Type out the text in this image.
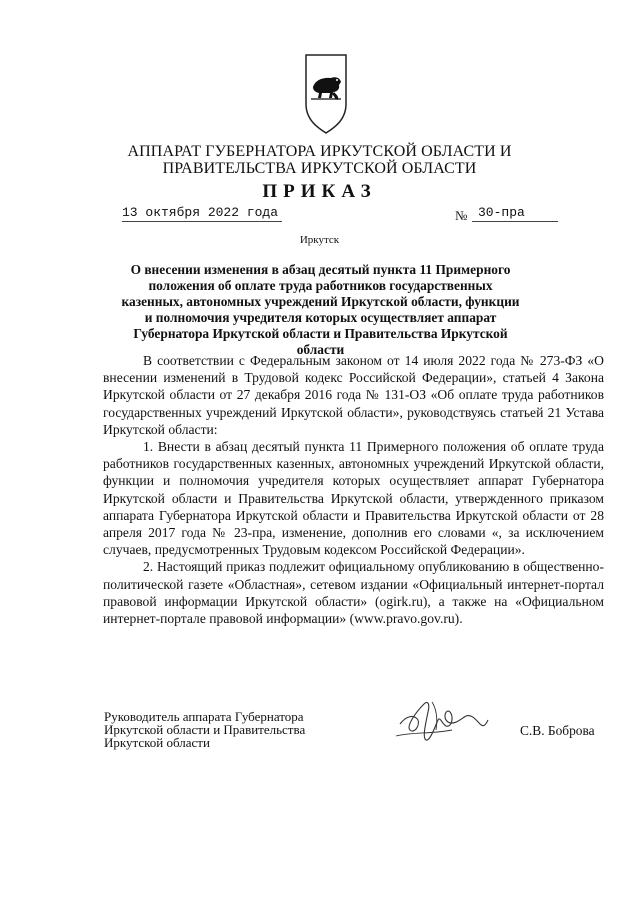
АППАРАТ ГУБЕРНАТОРА ИРКУТСКОЙ ОБЛАСТИ И
ПРАВИТЕЛЬСТВА ИРКУТСКОЙ ОБЛАСТИ
ПРИКАЗ
13 октября 2022 года	№ 30-пра
Иркутск
О внесении изменения в абзац десятый пункта 11 Примерного положения об оплате труда работников государственных казенных, автономных учреждений Иркутской области, функции и полномочия учредителя которых осуществляет аппарат Губернатора Иркутской области и Правительства Иркутской области

В соответствии с Федеральным законом от 14 июля 2022 года № 273-ФЗ «О внесении изменений в Трудовой кодекс Российской Федерации», статьей 4 Закона Иркутской области от 27 декабря 2016 года № 131-ОЗ «Об оплате труда работников государственных учреждений Иркутской области», руководствуясь статьей 21 Устава Иркутской области:

1. Внести в абзац десятый пункта 11 Примерного положения об оплате труда работников государственных казенных, автономных учреждений Иркутской области, функции и полномочия учредителя которых осуществляет аппарат Губернатора Иркутской области и Правительства Иркутской области, утвержденного приказом аппарата Губернатора Иркутской области и Правительства Иркутской области от 28 апреля 2017 года № 23-пра, изменение, дополнив его словами «, за исключением случаев, предусмотренных Трудовым кодексом Российской Федерации».

2. Настоящий приказ подлежит официальному опубликованию в общественно-политической газете «Областная», сетевом издании «Официальный интернет-портал правовой информации Иркутской области» (ogirk.ru), а также на «Официальном интернет-портале правовой информации» (www.pravo.gov.ru).

Руководитель аппарата Губернатора
Иркутской области и Правительства
Иркутской области
С.В. Боброва
